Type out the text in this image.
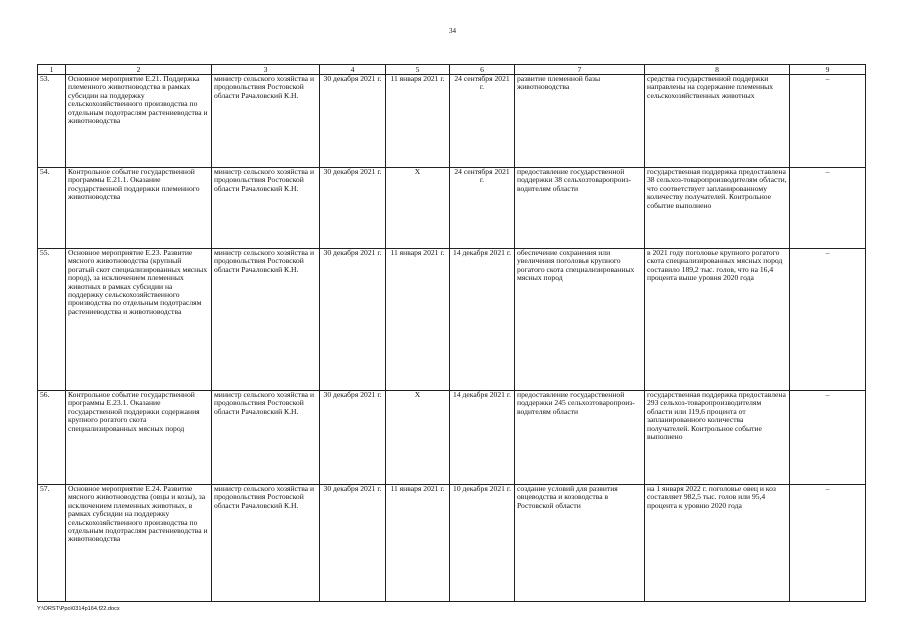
34
1	2	3	4	5	6	7	8	9
53.	Основное мероприятие Е.21. Поддержка племенного животноводства в рамках субсидии на поддержку сельскохозяйственного производства по отдельным подотраслям растениеводства и животноводства	министр сельского хозяйства и продовольствия Ростовской области Рачаловский К.Н.	30 декабря 2021 г.	11 января 2021 г.	24 сентября 2021 г.	развитие племенной базы животноводства	средства государственной поддержки направлены на содержание племенных сельскохозяйственных животных	–
54.	Контрольное событие государственной программы Е.21.1. Оказание государственной поддержки племенного животноводства	министр сельского хозяйства и продовольствия Ростовской области Рачаловский К.Н.	30 декабря 2021 г.	Х	24 сентября 2021 г.	предоставление государственной поддержки 38 сельхозтоваропроиз-водителям области	государственная поддержка предоставлена 38 сельхоз-товаропроизводителям области, что соответствует запланированному количеству получателей. Контрольное событие выполнено	–
55.	Основное мероприятие Е.23. Развитие мясного животноводства (крупный рогатый скот специализированных мясных пород), за исключением племенных животных в рамках субсидии на поддержку сельскохозяйственного производства по отдельным подотраслям растениеводства и животноводства	министр сельского хозяйства и продовольствия Ростовской области Рачаловский К.Н.	30 декабря 2021 г.	11 января 2021 г.	14 декабря 2021 г.	обеспечение сохранения или увеличения поголовья крупного рогатого скота специализированных мясных пород	в 2021 году поголовье крупного рогатого скота специализированных мясных пород составило 189,2 тыс. голов, что на 16,4 процента выше уровня 2020 года	–
56.	Контрольное событие государственной программы Е.23.1. Оказание государственной поддержки содержания крупного рогатого скота специализированных мясных пород	министр сельского хозяйства и продовольствия Ростовской области Рачаловский К.Н.	30 декабря 2021 г.	Х	14 декабря 2021 г.	предоставление государственной поддержки 245 сельхозтоваропроиз-водителям области	государственная поддержка предоставлена 293 сельхоз-товаропроизводителям области или 119,6 процента от запланированного количества получателей. Контрольное событие выполнено	–
57.	Основное мероприятие Е.24. Развитие мясного животноводства (овцы и козы), за исключением племенных животных, в рамках субсидии на поддержку сельскохозяйственного производства по отдельным подотраслям растениеводства и животноводства	министр сельского хозяйства и продовольствия Ростовской области Рачаловский К.Н.	30 декабря 2021 г.	11 января 2021 г.	10 декабря 2021 г.	создание условий для развития овцеводства и козоводства в Ростовской области	на 1 января 2022 г. поголовье овец и коз составляет 982,5 тыс. голов или 95,4 процента к уровню 2020 года	–
Y:\ORST\Ppo\0314p164.f22.docx
